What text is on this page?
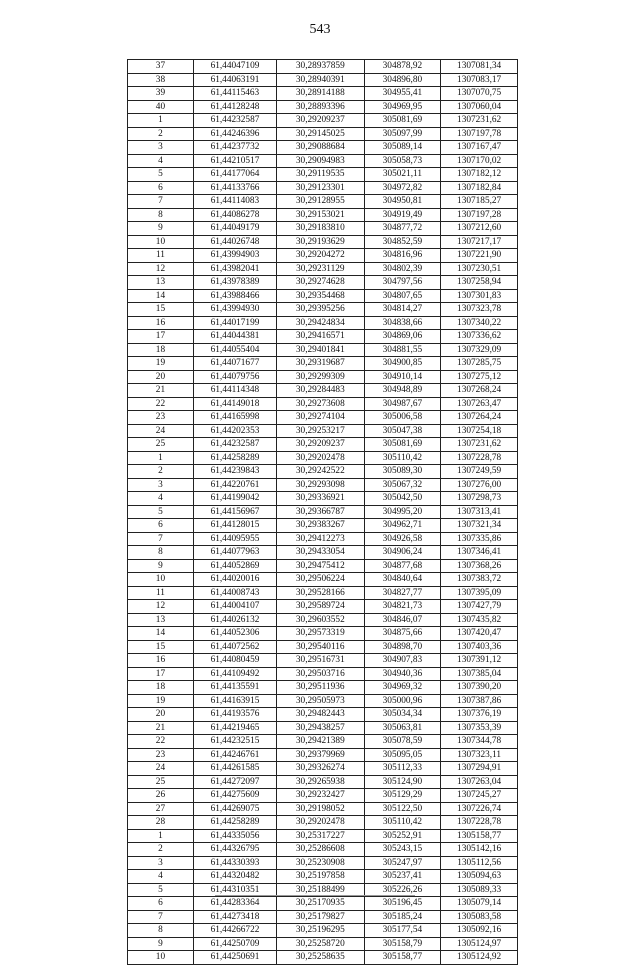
543
37	61,44047109	30,28937859	304878,92	1307081,34
38	61,44063191	30,28940391	304896,80	1307083,17
39	61,44115463	30,28914188	304955,41	1307070,75
40	61,44128248	30,28893396	304969,95	1307060,04
1	61,44232587	30,29209237	305081,69	1307231,62
2	61,44246396	30,29145025	305097,99	1307197,78
3	61,44237732	30,29088684	305089,14	1307167,47
4	61,44210517	30,29094983	305058,73	1307170,02
5	61,44177064	30,29119535	305021,11	1307182,12
6	61,44133766	30,29123301	304972,82	1307182,84
7	61,44114083	30,29128955	304950,81	1307185,27
8	61,44086278	30,29153021	304919,49	1307197,28
9	61,44049179	30,29183810	304877,72	1307212,60
10	61,44026748	30,29193629	304852,59	1307217,17
11	61,43994903	30,29204272	304816,96	1307221,90
12	61,43982041	30,29231129	304802,39	1307230,51
13	61,43978389	30,29274628	304797,56	1307258,94
14	61,43988466	30,29354468	304807,65	1307301,83
15	61,43994930	30,29395256	304814,27	1307323,78
16	61,44017199	30,29424834	304838,66	1307340,22
17	61,44044381	30,29416571	304869,06	1307336,62
18	61,44055404	30,29401841	304881,55	1307329,09
19	61,44071677	30,29319687	304900,85	1307285,75
20	61,44079756	30,29299309	304910,14	1307275,12
21	61,44114348	30,29284483	304948,89	1307268,24
22	61,44149018	30,29273608	304987,67	1307263,47
23	61,44165998	30,29274104	305006,58	1307264,24
24	61,44202353	30,29253217	305047,38	1307254,18
25	61,44232587	30,29209237	305081,69	1307231,62
1	61,44258289	30,29202478	305110,42	1307228,78
2	61,44239843	30,29242522	305089,30	1307249,59
3	61,44220761	30,29293098	305067,32	1307276,00
4	61,44199042	30,29336921	305042,50	1307298,73
5	61,44156967	30,29366787	304995,20	1307313,41
6	61,44128015	30,29383267	304962,71	1307321,34
7	61,44095955	30,29412273	304926,58	1307335,86
8	61,44077963	30,29433054	304906,24	1307346,41
9	61,44052869	30,29475412	304877,68	1307368,26
10	61,44020016	30,29506224	304840,64	1307383,72
11	61,44008743	30,29528166	304827,77	1307395,09
12	61,44004107	30,29589724	304821,73	1307427,79
13	61,44026132	30,29603552	304846,07	1307435,82
14	61,44052306	30,29573319	304875,66	1307420,47
15	61,44072562	30,29540116	304898,70	1307403,36
16	61,44080459	30,29516731	304907,83	1307391,12
17	61,44109492	30,29503716	304940,36	1307385,04
18	61,44135591	30,29511936	304969,32	1307390,20
19	61,44163915	30,29505973	305000,96	1307387,86
20	61,44193576	30,29482443	305034,34	1307376,19
21	61,44219465	30,29438257	305063,81	1307353,39
22	61,44232515	30,29421389	305078,59	1307344,78
23	61,44246761	30,29379969	305095,05	1307323,11
24	61,44261585	30,29326274	305112,33	1307294,91
25	61,44272097	30,29265938	305124,90	1307263,04
26	61,44275609	30,29232427	305129,29	1307245,27
27	61,44269075	30,29198052	305122,50	1307226,74
28	61,44258289	30,29202478	305110,42	1307228,78
1	61,44335056	30,25317227	305252,91	1305158,77
2	61,44326795	30,25286608	305243,15	1305142,16
3	61,44330393	30,25230908	305247,97	1305112,56
4	61,44320482	30,25197858	305237,41	1305094,63
5	61,44310351	30,25188499	305226,26	1305089,33
6	61,44283364	30,25170935	305196,45	1305079,14
7	61,44273418	30,25179827	305185,24	1305083,58
8	61,44266722	30,25196295	305177,54	1305092,16
9	61,44250709	30,25258720	305158,79	1305124,97
10	61,44250691	30,25258635	305158,77	1305124,92
